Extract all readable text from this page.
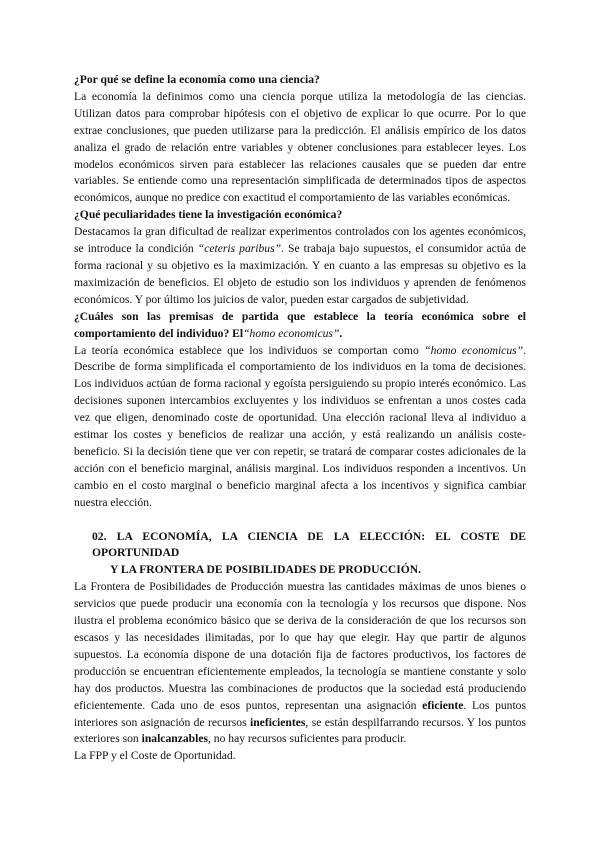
¿Por qué se define la economía como una ciencia?

La economía la definimos como una ciencia porque utiliza la metodología de las ciencias. Utilizan datos para comprobar hipótesis con el objetivo de explicar lo que ocurre. Por lo que extrae conclusiones, que pueden utilizarse para la predicción. El análisis empírico de los datos analiza el grado de relación entre variables y obtener conclusiones para establecer leyes. Los modelos económicos sirven para establecer las relaciones causales que se pueden dar entre variables. Se entiende como una representación simplificada de determinados tipos de aspectos económicos, aunque no predice con exactitud el comportamiento de las variables económicas.

¿Qué peculiaridades tiene la investigación económica?

Destacamos la gran dificultad de realizar experimentos controlados con los agentes económicos, se introduce la condición “ceteris paribus”. Se trabaja bajo supuestos, el consumidor actúa de forma racional y su objetivo es la maximización. Y en cuanto a las empresas su objetivo es la maximización de beneficios. El objeto de estudio son los individuos y aprenden de fenómenos económicos. Y por último los juicios de valor, pueden estar cargados de subjetividad.

¿Cuáles son las premisas de partida que establece la teoría económica sobre el comportamiento del individuo? El“homo economicus”.

La teoría económica establece que los individuos se comportan como “homo economicus”. Describe de forma simplificada el comportamiento de los individuos en la toma de decisiones. Los individuos actúan de forma racional y egoísta persiguiendo su propio interés económico. Las decisiones suponen intercambios excluyentes y los individuos se enfrentan a unos costes cada vez que eligen, denominado coste de oportunidad. Una elección racional lleva al individuo a estimar los costes y beneficios de realizar una acción, y está realizando un análisis coste-beneficio. Si la decisión tiene que ver con repetir, se tratará de comparar costes adicionales de la acción con el beneficio marginal, análisis marginal. Los individuos responden a incentivos. Un cambio en el costo marginal o beneficio marginal afecta a los incentivos y significa cambiar nuestra elección.

02. LA ECONOMÍA, LA CIENCIA DE LA ELECCIÓN: EL COSTE DE OPORTUNIDAD
Y LA FRONTERA DE POSIBILIDADES DE PRODUCCIÓN.

La Frontera de Posibilidades de Producción muestra las cantidades máximas de unos bienes o servicios que puede producir una economía con la tecnología y los recursos que dispone. Nos ilustra el problema económico básico que se deriva de la consideración de que los recursos son escasos y las necesidades ilimitadas, por lo que hay que elegir. Hay que partir de algunos supuestos. La economía dispone de una dotación fija de factores productivos, los factores de producción se encuentran eficientemente empleados, la tecnología se mantiene constante y solo hay dos productos. Muestra las combinaciones de productos que la sociedad está produciendo eficientemente. Cada uno de esos puntos, representan una asignación eficiente. Los puntos interiores son asignación de recursos ineficientes, se están despilfarrando recursos. Y los puntos exteriores son inalcanzables, no hay recursos suficientes para producir.

La FPP y el Coste de Oportunidad.
